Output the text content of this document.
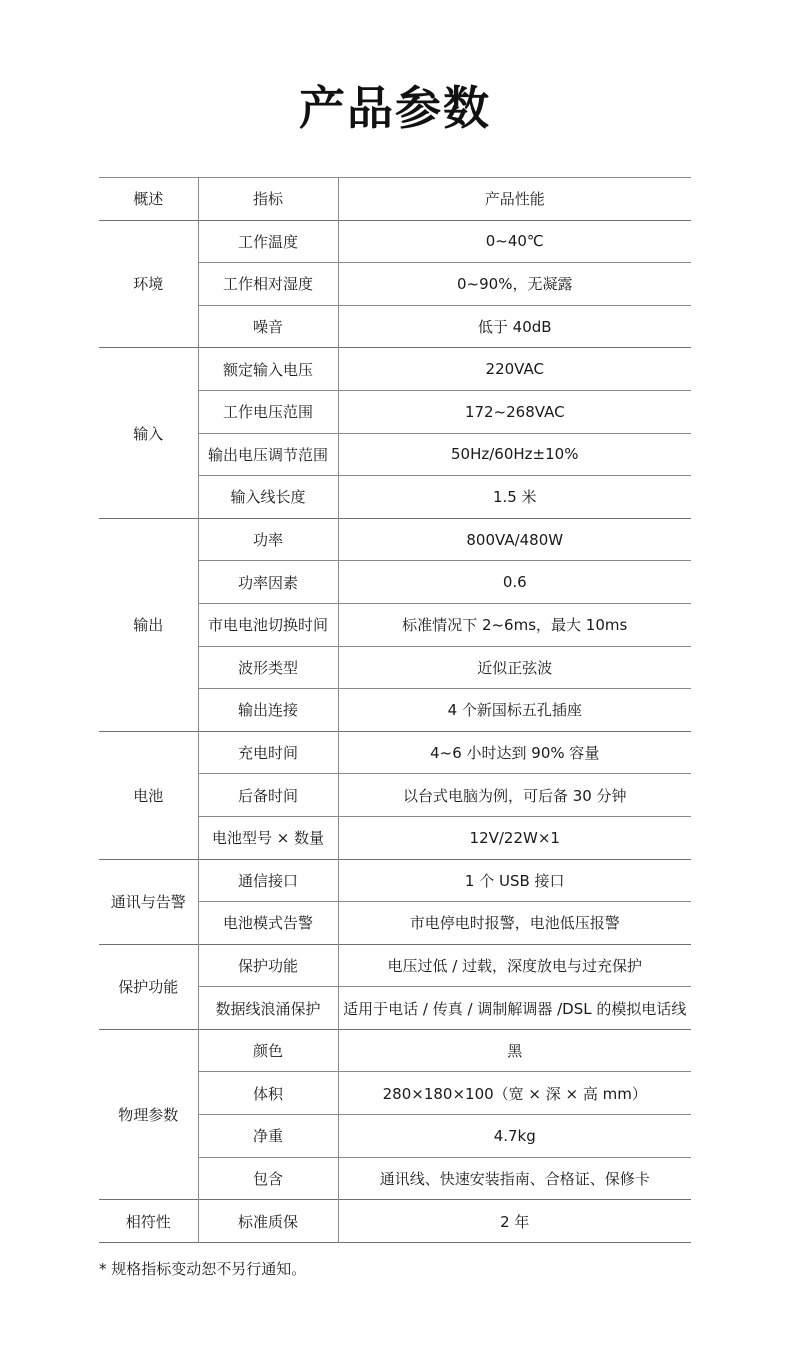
产品参数
概述	指标	产品性能
环境	工作温度	0~40℃
	工作相对湿度	0~90%，无凝露
	噪音	低于 40dB
输入	额定输入电压	220VAC
	工作电压范围	172~268VAC
	输出电压调节范围	50Hz/60Hz±10%
	输入线长度	1.5 米
输出	功率	800VA/480W
	功率因素	0.6
	市电电池切换时间	标准情况下 2~6ms，最大 10ms
	波形类型	近似正弦波
	输出连接	4 个新国标五孔插座
电池	充电时间	4~6 小时达到 90% 容量
	后备时间	以台式电脑为例，可后备 30 分钟
	电池型号 × 数量	12V/22W×1
通讯与告警	通信接口	1 个 USB 接口
	电池模式告警	市电停电时报警，电池低压报警
保护功能	保护功能	电压过低 / 过载，深度放电与过充保护
	数据线浪涌保护	适用于电话 / 传真 / 调制解调器 /DSL 的模拟电话线
物理参数	颜色	黑
	体积	280×180×100（宽 × 深 × 高 mm）
	净重	4.7kg
	包含	通讯线、快速安装指南、合格证、保修卡
相符性	标准质保	2 年
* 规格指标变动恕不另行通知。
